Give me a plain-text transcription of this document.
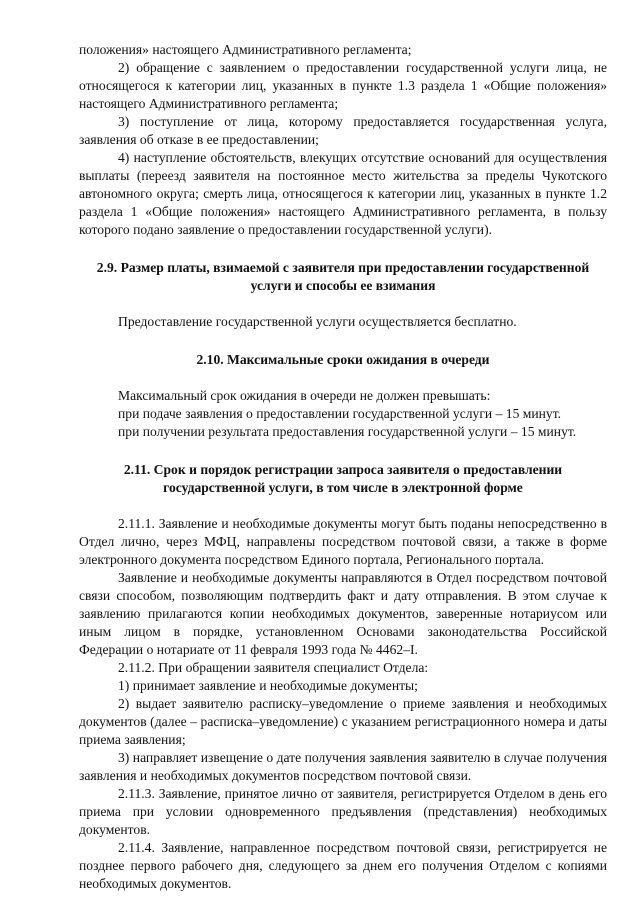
положения» настоящего Административного регламента;

2) обращение с заявлением о предоставлении государственной услуги лица, не относящегося к категории лиц, указанных в пункте 1.3 раздела 1 «Общие положения» настоящего Административного регламента;

3) поступление от лица, которому предоставляется государственная услуга, заявления об отказе в ее предоставлении;

4) наступление обстоятельств, влекущих отсутствие оснований для осуществления выплаты (переезд заявителя на постоянное место жительства за пределы Чукотского автономного округа; смерть лица, относящегося к категории лиц, указанных в пункте 1.2 раздела 1 «Общие положения» настоящего Административного регламента, в пользу которого подано заявление о предоставлении государственной услуги).

2.9. Размер платы, взимаемой с заявителя при предоставлении государственной услуги и способы ее взимания

Предоставление государственной услуги осуществляется бесплатно.

2.10. Максимальные сроки ожидания в очереди

Максимальный срок ожидания в очереди не должен превышать:

при подаче заявления о предоставлении государственной услуги – 15 минут.

при получении результата предоставления государственной услуги – 15 минут.

2.11. Срок и порядок регистрации запроса заявителя о предоставлении государственной услуги, в том числе в электронной форме

2.11.1. Заявление и необходимые документы могут быть поданы непосредственно в Отдел лично, через МФЦ, направлены посредством почтовой связи, а также в форме электронного документа посредством Единого портала, Регионального портала.

Заявление и необходимые документы направляются в Отдел посредством почтовой связи способом, позволяющим подтвердить факт и дату отправления. В этом случае к заявлению прилагаются копии необходимых документов, заверенные нотариусом или иным лицом в порядке, установленном Основами законодательства Российской Федерации о нотариате от 11 февраля 1993 года № 4462–I.

2.11.2. При обращении заявителя специалист Отдела:

1) принимает заявление и необходимые документы;

2) выдает заявителю расписку–уведомление о приеме заявления и необходимых документов (далее – расписка–уведомление) с указанием регистрационного номера и даты приема заявления;

3) направляет извещение о дате получения заявления заявителю в случае получения заявления и необходимых документов посредством почтовой связи.

2.11.3. Заявление, принятое лично от заявителя, регистрируется Отделом в день его приема при условии одновременного предъявления (представления) необходимых документов.

2.11.4. Заявление, направленное посредством почтовой связи, регистрируется не позднее первого рабочего дня, следующего за днем его получения Отделом с копиями необходимых документов.
